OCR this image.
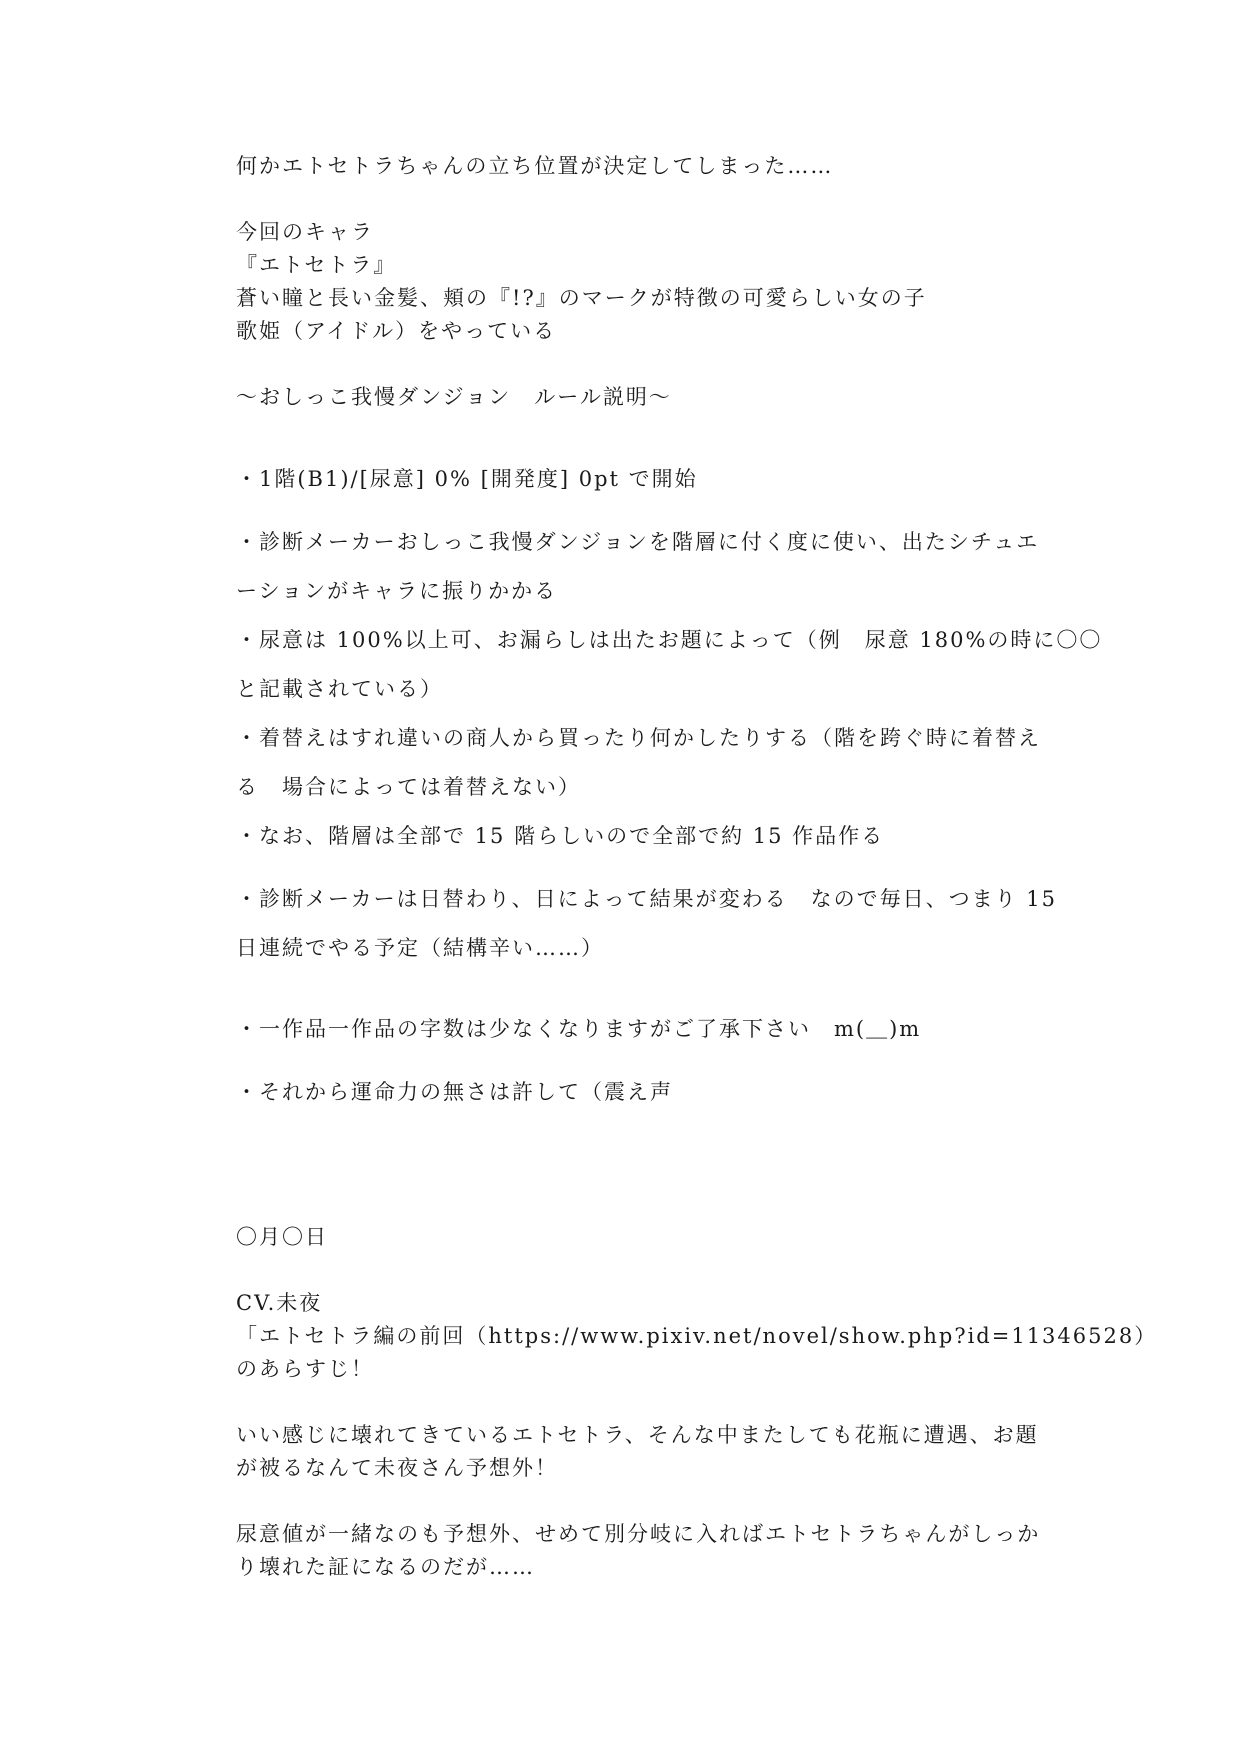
何かエトセトラちゃんの立ち位置が決定してしまった……
今回のキャラ
『エトセトラ』
蒼い瞳と長い金髪、頬の『!?』のマークが特徴の可愛らしい女の子
歌姫（アイドル）をやっている
～おしっこ我慢ダンジョン　ルール説明～
・1階(B1)/[尿意] 0% [開発度] 0pt で開始
・診断メーカーおしっこ我慢ダンジョンを階層に付く度に使い、出たシチュエ
ーションがキャラに振りかかる
・尿意は 100%以上可、お漏らしは出たお題によって（例　尿意 180%の時に〇〇
と記載されている）
・着替えはすれ違いの商人から買ったり何かしたりする（階を跨ぐ時に着替え
る　場合によっては着替えない）
・なお、階層は全部で 15 階らしいので全部で約 15 作品作る
・診断メーカーは日替わり、日によって結果が変わる　なので毎日、つまり 15
日連続でやる予定（結構辛い……）
・一作品一作品の字数は少なくなりますがご了承下さい　m(＿)m
・それから運命力の無さは許して（震え声
〇月〇日
CV.未夜
「エトセトラ編の前回（https://www.pixiv.net/novel/show.php?id=11346528）
のあらすじ！
いい感じに壊れてきているエトセトラ、そんな中またしても花瓶に遭遇、お題
が被るなんて未夜さん予想外！
尿意値が一緒なのも予想外、せめて別分岐に入ればエトセトラちゃんがしっか
り壊れた証になるのだが……
